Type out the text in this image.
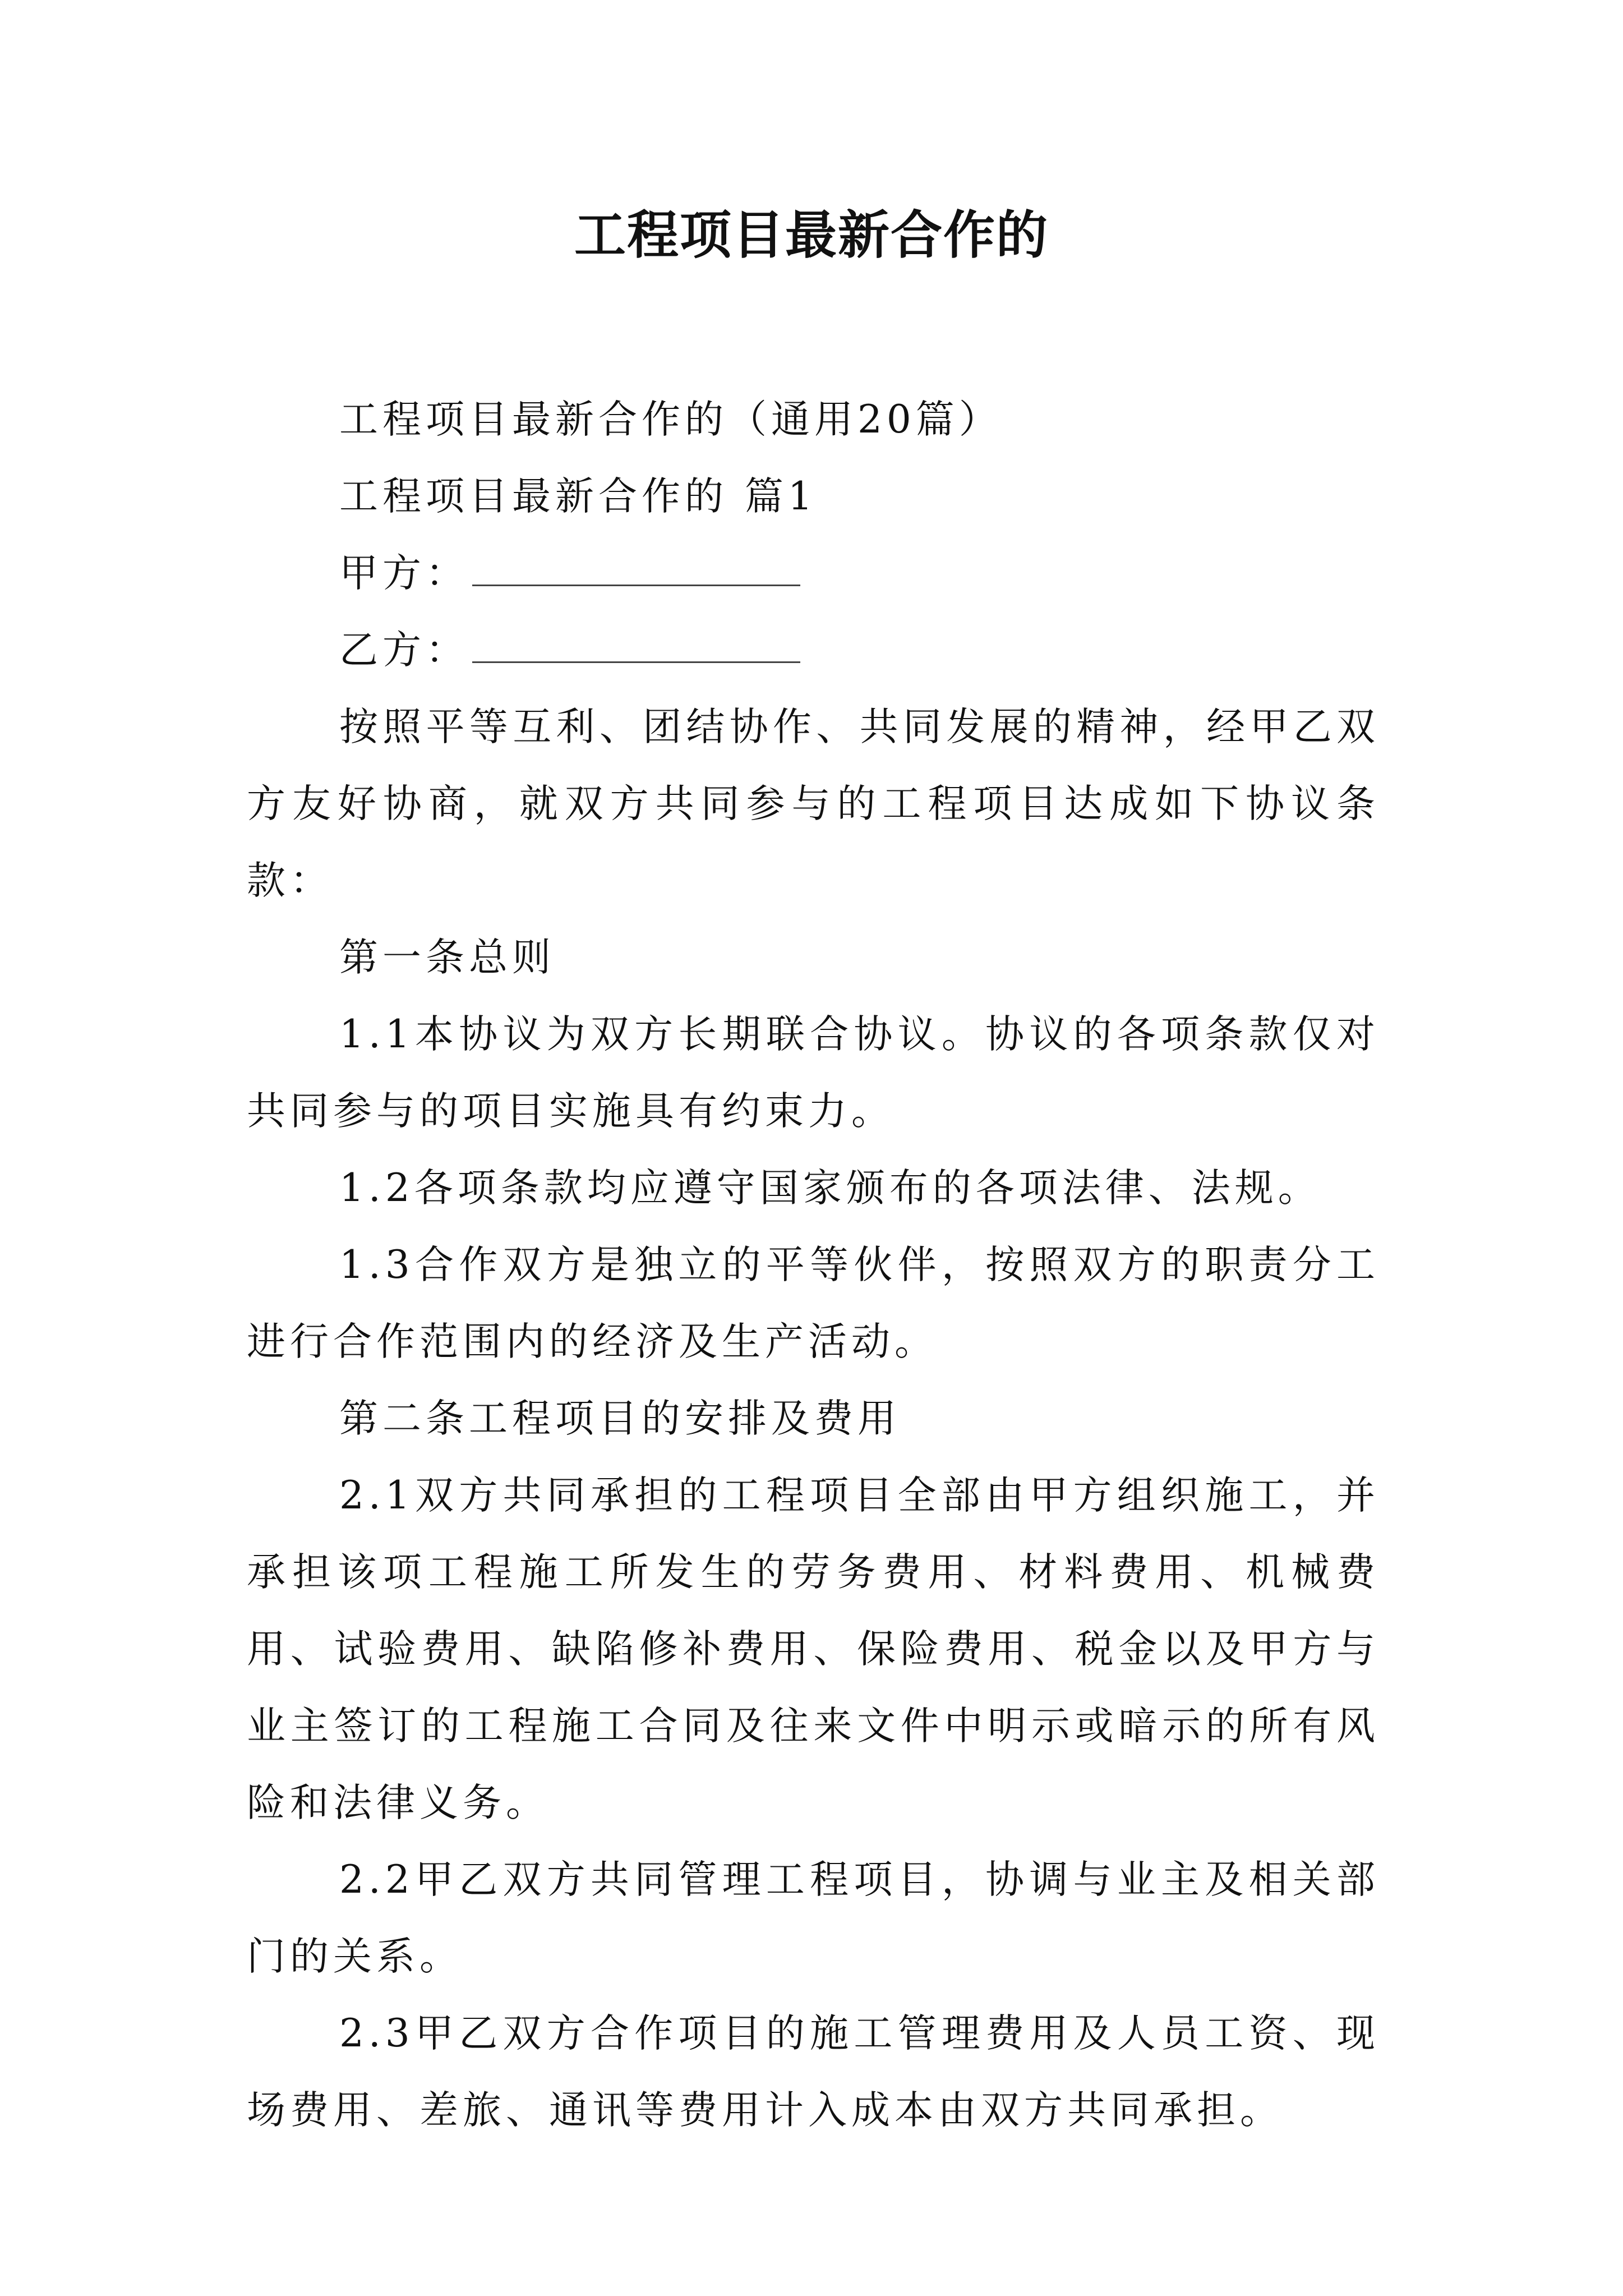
工程项目最新合作的

工程项目最新合作的（通用20篇）

工程项目最新合作的 篇1

甲方：
乙方：

按照平等互利、团结协作、共同发展的精神，经甲乙双方友好协商，就双方共同参与的工程项目达成如下协议条款：

第一条总则

1.1本协议为双方长期联合协议。协议的各项条款仅对共同参与的项目实施具有约束力。

1.2各项条款均应遵守国家颁布的各项法律、法规。

1.3合作双方是独立的平等伙伴，按照双方的职责分工进行合作范围内的经济及生产活动。

第二条工程项目的安排及费用

2.1双方共同承担的工程项目全部由甲方组织施工，并承担该项工程施工所发生的劳务费用、材料费用、机械费用、试验费用、缺陷修补费用、保险费用、税金以及甲方与业主签订的工程施工合同及往来文件中明示或暗示的所有风险和法律义务。

2.2甲乙双方共同管理工程项目，协调与业主及相关部门的关系。

2.3甲乙双方合作项目的施工管理费用及人员工资、现场费用、差旅、通讯等费用计入成本由双方共同承担。
